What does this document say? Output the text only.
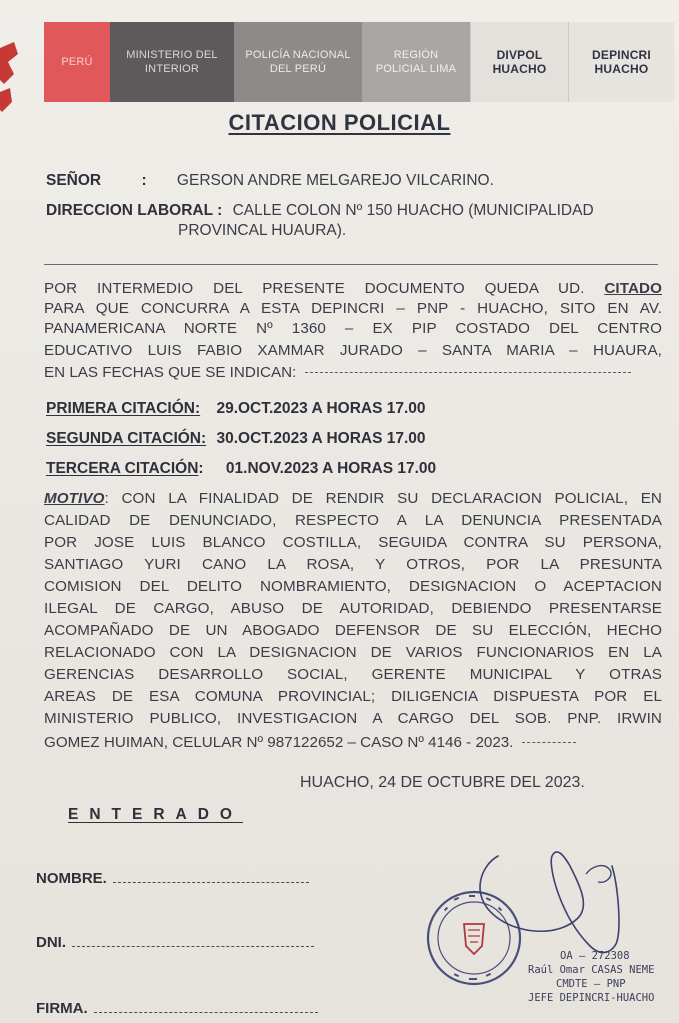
PERÚ
MINISTERIO DEL
INTERIOR
POLICÍA NACIONAL
DEL PERÚ
REGIÓN
POLICIAL LIMA
DIVPOL
HUACHO
DEPINCRI
HUACHO
CITACION POLICIAL
SEÑOR	: GERSON ANDRE MELGAREJO VILCARINO.
DIRECCION LABORAL : CALLE COLON Nº 150 HUACHO (MUNICIPALIDAD
PROVINCAL HUAURA).
POR INTERMEDIO DEL PRESENTE DOCUMENTO QUEDA UD. CITADO
PARA QUE CONCURRA A ESTA DEPINCRI – PNP - HUACHO, SITO EN AV.
PANAMERICANA NORTE Nº 1360 – EX PIP COSTADO DEL CENTRO
EDUCATIVO LUIS FABIO XAMMAR JURADO – SANTA MARIA – HUAURA,
EN LAS FECHAS QUE SE INDICAN:
PRIMERA CITACIÓN: 29.OCT.2023 A HORAS 17.00
SEGUNDA CITACIÓN: 30.OCT.2023 A HORAS 17.00
TERCERA CITACIÓN: 01.NOV.2023 A HORAS 17.00
MOTIVO: CON LA FINALIDAD DE RENDIR SU DECLARACION POLICIAL, EN
CALIDAD DE DENUNCIADO, RESPECTO A LA DENUNCIA PRESENTADA
POR JOSE LUIS BLANCO COSTILLA, SEGUIDA CONTRA SU PERSONA,
SANTIAGO YURI CANO LA ROSA, Y OTROS, POR LA PRESUNTA
COMISION DEL DELITO NOMBRAMIENTO, DESIGNACION O ACEPTACION
ILEGAL DE CARGO, ABUSO DE AUTORIDAD, DEBIENDO PRESENTARSE
ACOMPAÑADO DE UN ABOGADO DEFENSOR DE SU ELECCIÓN, HECHO
RELACIONADO CON LA DESIGNACION DE VARIOS FUNCIONARIOS EN LA
GERENCIAS DESARROLLO SOCIAL, GERENTE MUNICIPAL Y OTRAS
AREAS DE ESA COMUNA PROVINCIAL; DILIGENCIA DISPUESTA POR EL
MINISTERIO PUBLICO, INVESTIGACION A CARGO DEL SOB. PNP. IRWIN
GOMEZ HUIMAN, CELULAR Nº 987122652 – CASO Nº 4146 - 2023.
HUACHO, 24 DE OCTUBRE DEL 2023.
ENTERADO
NOMBRE.
DNI.
FIRMA.
OA – 272308
Raúl Omar CASAS NEME
CMDTE – PNP
JEFE DEPINCRI-HUACHO
